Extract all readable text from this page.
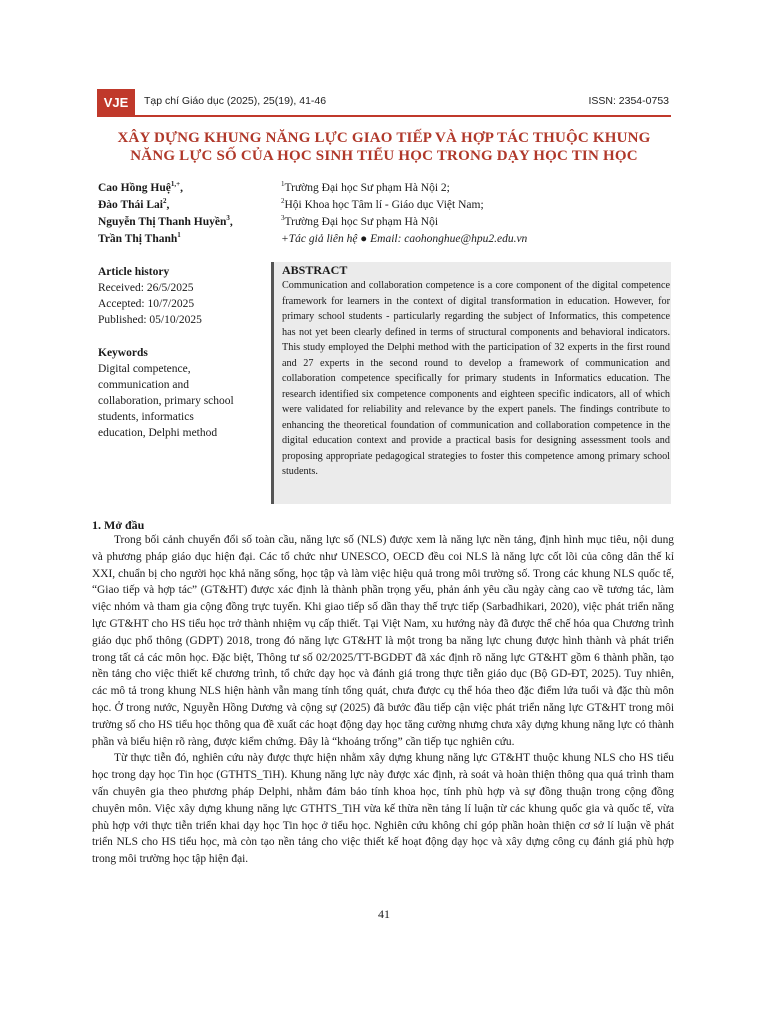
VJE	Tạp chí Giáo dục (2025), 25(19), 41-46	ISSN: 2354-0753
XÂY DỰNG KHUNG NĂNG LỰC GIAO TIẾP VÀ HỢP TÁC THUỘC KHUNG
NĂNG LỰC SỐ CỦA HỌC SINH TIỂU HỌC TRONG DẠY HỌC TIN HỌC
Cao Hồng Huệ$^{1,+}$,
Đào Thái Lai$^2$,
Nguyễn Thị Thanh Huyền$^3$,
Trần Thị Thanh$^1$
$^1$Trường Đại học Sư phạm Hà Nội 2;
$^2$Hội Khoa học Tâm lí - Giáo dục Việt Nam;
$^3$Trường Đại học Sư phạm Hà Nội
+Tác giả liên hệ ● Email: caohonghue@hpu2.edu.vn
Article history
Received: 26/5/2025
Accepted: 10/7/2025
Published: 05/10/2025
Keywords
Digital competence,
communication and
collaboration, primary school
students, informatics
education, Delphi method
ABSTRACT
Communication and collaboration competence is a core component of the digital competence framework for learners in the context of digital transformation in education. However, for primary school students - particularly regarding the subject of Informatics, this competence has not yet been clearly defined in terms of structural components and behavioral indicators. This study employed the Delphi method with the participation of 32 experts in the first round and 27 experts in the second round to develop a framework of communication and collaboration competence specifically for primary students in Informatics education. The research identified six competence components and eighteen specific indicators, all of which were validated for reliability and relevance by the expert panels. The findings contribute to enhancing the theoretical foundation of communication and collaboration competence in the digital education context and provide a practical basis for designing assessment tools and proposing appropriate pedagogical strategies to foster this competence among primary school students.
1. Mở đầu

Trong bối cảnh chuyển đổi số toàn cầu, năng lực số (NLS) được xem là năng lực nền tảng, định hình mục tiêu, nội dung và phương pháp giáo dục hiện đại. Các tổ chức như UNESCO, OECD đều coi NLS là năng lực cốt lõi của công dân thế kỉ XXI, chuẩn bị cho người học khả năng sống, học tập và làm việc hiệu quả trong môi trường số. Trong các khung NLS quốc tế, “Giao tiếp và hợp tác” (GT&HT) được xác định là thành phần trọng yếu, phản ánh yêu cầu ngày càng cao về tương tác, làm việc nhóm và tham gia cộng đồng trực tuyến. Khi giao tiếp số dần thay thế trực tiếp (Sarbadhikari, 2020), việc phát triển năng lực GT&HT cho HS tiểu học trở thành nhiệm vụ cấp thiết. Tại Việt Nam, xu hướng này đã được thể chế hóa qua Chương trình giáo dục phổ thông (GDPT) 2018, trong đó năng lực GT&HT là một trong ba năng lực chung được hình thành và phát triển trong tất cả các môn học. Đặc biệt, Thông tư số 02/2025/TT-BGDĐT đã xác định rõ năng lực GT&HT gồm 6 thành phần, tạo nền tảng cho việc thiết kế chương trình, tổ chức dạy học và đánh giá trong thực tiễn giáo dục (Bộ GD-ĐT, 2025). Tuy nhiên, các mô tả trong khung NLS hiện hành vẫn mang tính tổng quát, chưa được cụ thể hóa theo đặc điểm lứa tuổi và đặc thù môn học. Ở trong nước, Nguyễn Hồng Dương và cộng sự (2025) đã bước đầu tiếp cận việc phát triển năng lực GT&HT trong môi trường số cho HS tiểu học thông qua đề xuất các hoạt động dạy học tăng cường nhưng chưa xây dựng khung năng lực có thành phần và biểu hiện rõ ràng, được kiểm chứng. Đây là “khoảng trống” cần tiếp tục nghiên cứu.

Từ thực tiễn đó, nghiên cứu này được thực hiện nhằm xây dựng khung năng lực GT&HT thuộc khung NLS cho HS tiểu học trong dạy học Tin học (GTHTS_TiH). Khung năng lực này được xác định, rà soát và hoàn thiện thông qua quá trình tham vấn chuyên gia theo phương pháp Delphi, nhằm đảm bảo tính khoa học, tính phù hợp và sự đồng thuận trong cộng đồng chuyên môn. Việc xây dựng khung năng lực GTHTS_TiH vừa kế thừa nền tảng lí luận từ các khung quốc gia và quốc tế, vừa phù hợp với thực tiễn triển khai dạy học Tin học ở tiểu học. Nghiên cứu không chỉ góp phần hoàn thiện cơ sở lí luận về phát triển NLS cho HS tiểu học, mà còn tạo nền tảng cho việc thiết kế hoạt động dạy học và xây dựng công cụ đánh giá phù hợp trong môi trường học tập hiện đại.

41
